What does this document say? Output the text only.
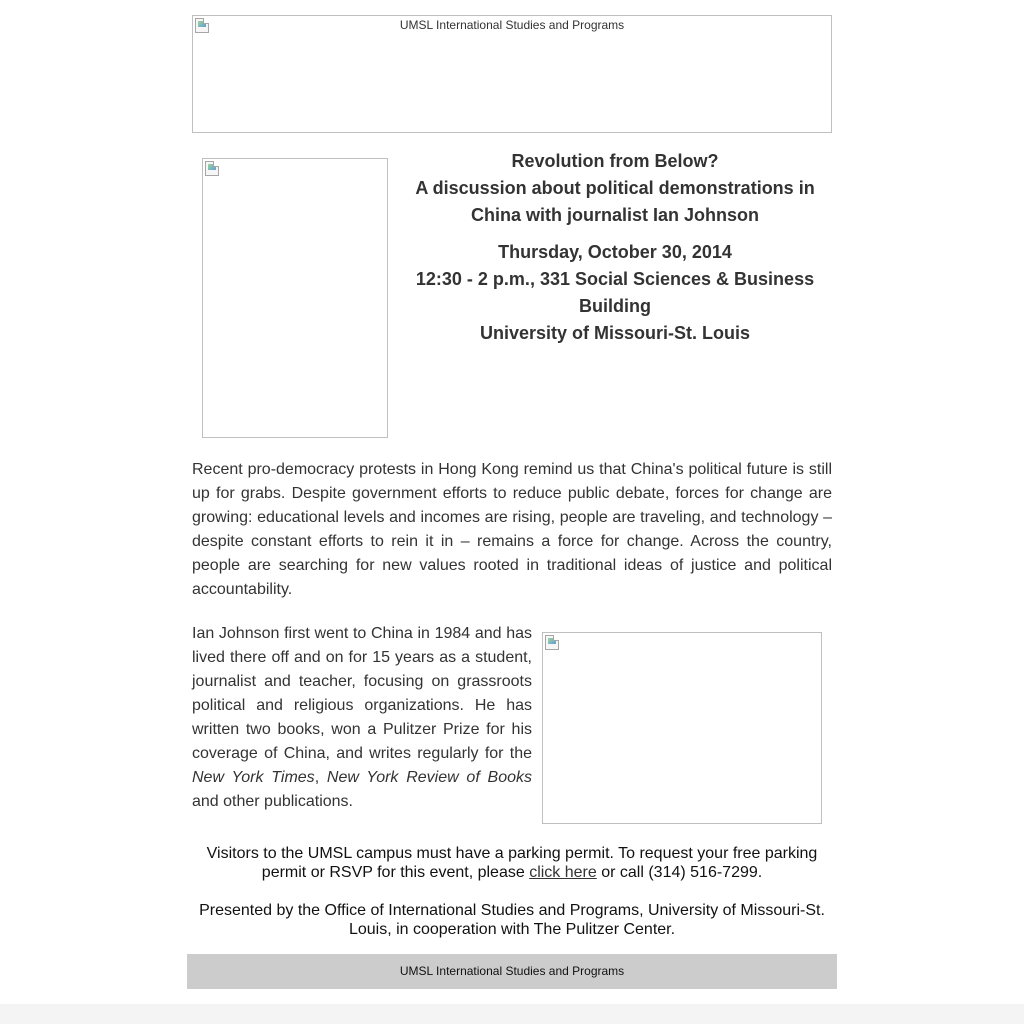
UMSL International Studies and Programs

Revolution from Below?

A discussion about political demonstrations in China with journalist Ian Johnson

Thursday, October 30, 2014

12:30 - 2 p.m., 331 Social Sciences & Business Building

University of Missouri-St. Louis

Recent pro-democracy protests in Hong Kong remind us that China's political future is still up for grabs. Despite government efforts to reduce public debate, forces for change are growing: educational levels and incomes are rising, people are traveling, and technology – despite constant efforts to rein it in – remains a force for change. Across the country, people are searching for new values rooted in traditional ideas of justice and political accountability.

Ian Johnson first went to China in 1984 and has lived there off and on for 15 years as a student, journalist and teacher, focusing on grassroots political and religious organizations. He has written two books, won a Pulitzer Prize for his coverage of China, and writes regularly for the New York Times, New York Review of Books and other publications.

Visitors to the UMSL campus must have a parking permit. To request your free parking permit or RSVP for this event, please click here or call (314) 516-7299.

Presented by the Office of International Studies and Programs, University of Missouri-St. Louis, in cooperation with The Pulitzer Center.

UMSL International Studies and Programs
